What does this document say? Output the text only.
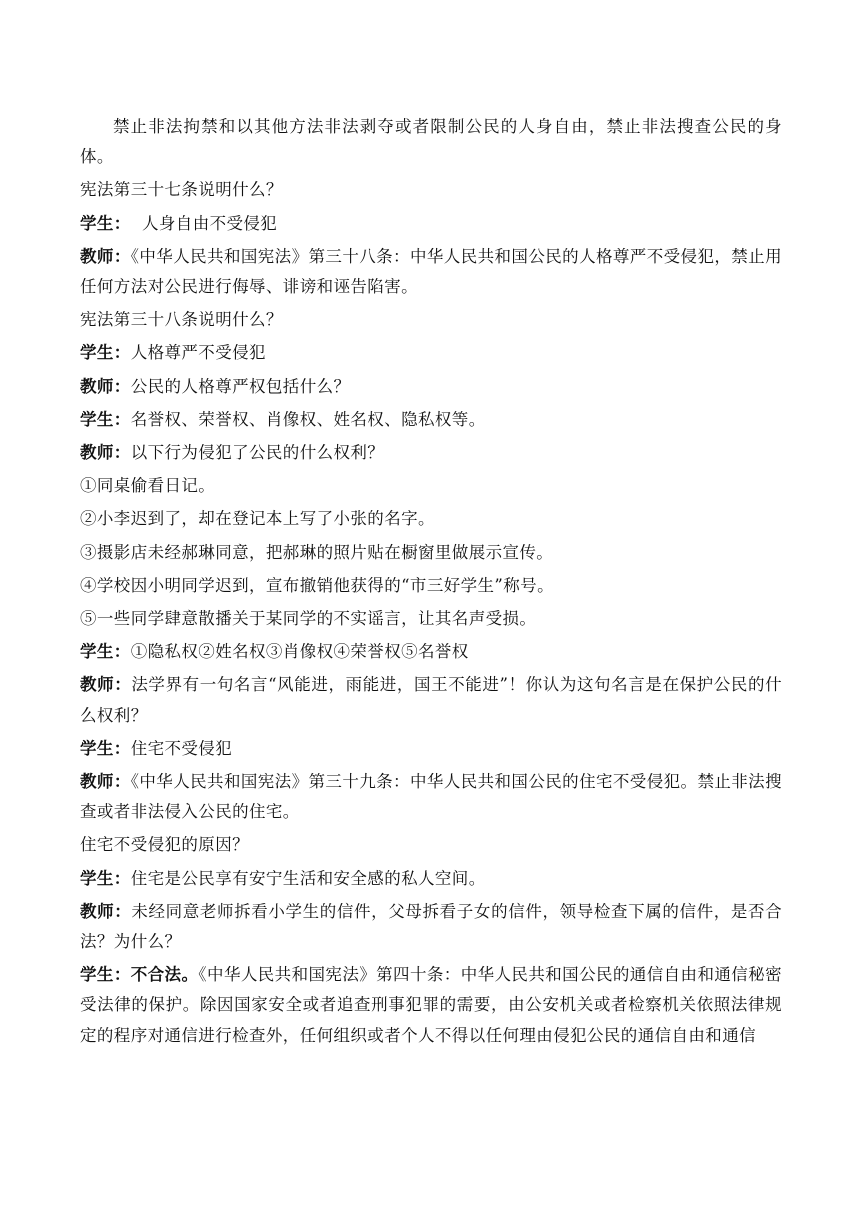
禁止非法拘禁和以其他方法非法剥夺或者限制公民的人身自由，禁止非法搜查公民的身体。

宪法第三十七条说明什么？

学生：  人身自由不受侵犯

教师：《中华人民共和国宪法》第三十八条：中华人民共和国公民的人格尊严不受侵犯，禁止用任何方法对公民进行侮辱、诽谤和诬告陷害。

宪法第三十八条说明什么？

学生：人格尊严不受侵犯

教师：公民的人格尊严权包括什么？

学生：名誉权、荣誉权、肖像权、姓名权、隐私权等。

教师：以下行为侵犯了公民的什么权利？

①同桌偷看日记。

②小李迟到了，却在登记本上写了小张的名字。

③摄影店未经郝琳同意，把郝琳的照片贴在橱窗里做展示宣传。

④学校因小明同学迟到，宣布撤销他获得的“市三好学生”称号。

⑤一些同学肆意散播关于某同学的不实谣言，让其名声受损。

学生：①隐私权②姓名权③肖像权④荣誉权⑤名誉权

教师：法学界有一句名言“风能进，雨能进，国王不能进”！你认为这句名言是在保护公民的什么权利？

学生：住宅不受侵犯

教师：《中华人民共和国宪法》第三十九条：中华人民共和国公民的住宅不受侵犯。禁止非法搜查或者非法侵入公民的住宅。

住宅不受侵犯的原因？

学生：住宅是公民享有安宁生活和安全感的私人空间。

教师：未经同意老师拆看小学生的信件，父母拆看子女的信件，领导检查下属的信件，是否合法？为什么？

学生：不合法。《中华人民共和国宪法》第四十条：中华人民共和国公民的通信自由和通信秘密受法律的保护。除因国家安全或者追查刑事犯罪的需要，由公安机关或者检察机关依照法律规定的程序对通信进行检查外，任何组织或者个人不得以任何理由侵犯公民的通信自由和通信
